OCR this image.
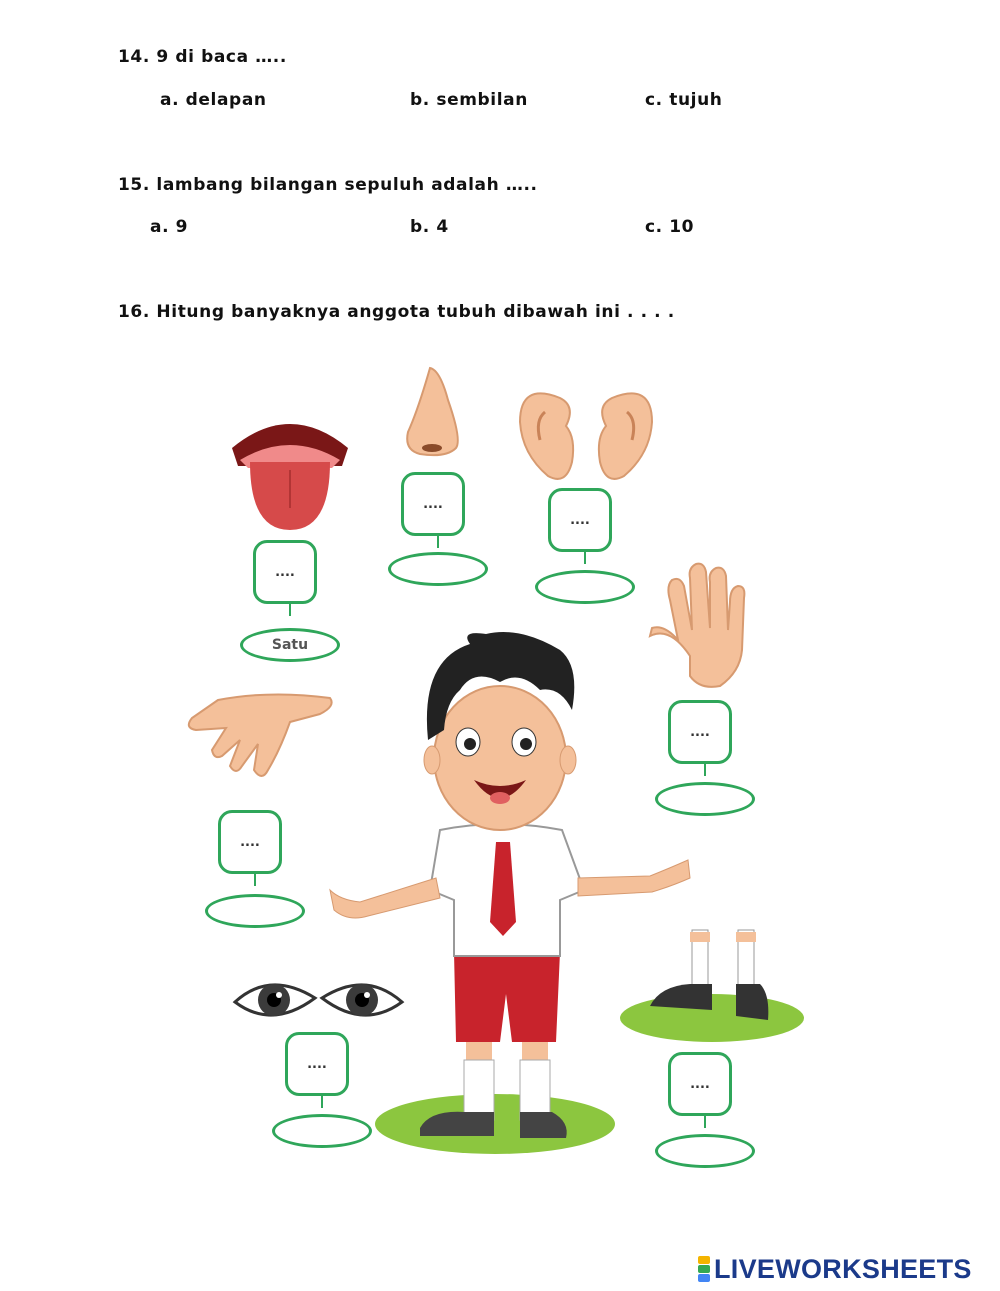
14. 9 di baca …..
a. delapan	b. sembilan	c. tujuh
15. lambang bilangan sepuluh adalah …..
a. 9	b. 4	c. 10
16. Hitung banyaknya anggota tubuh dibawah ini . . . .
....
Satu
....
....
....
....
....
....
LIVEWORKSHEETS
